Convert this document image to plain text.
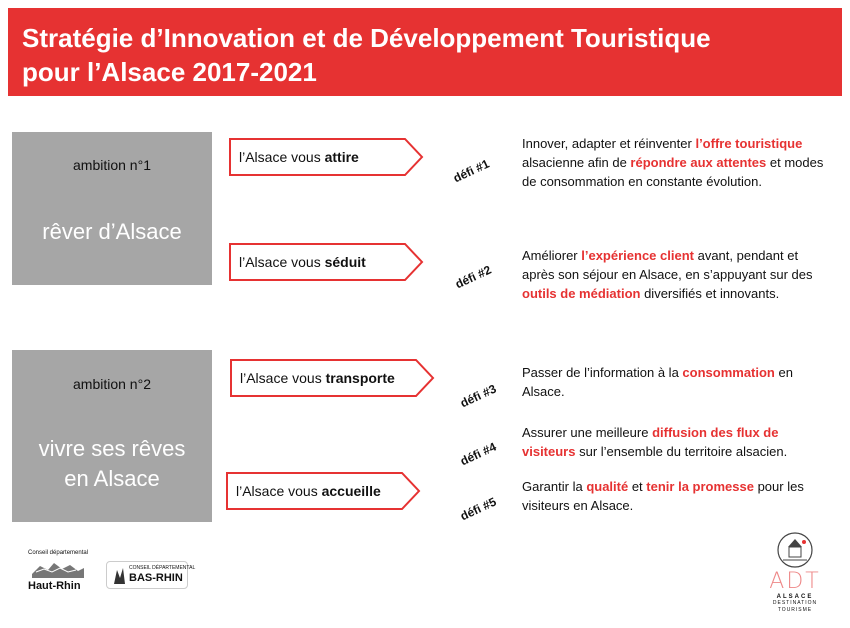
Stratégie d’Innovation et de Développement Touristique
pour l’Alsace 2017-2021
ambition n°1
rêver d’Alsace
ambition n°2
vivre ses rêves
en Alsace
l’Alsace vous attire
l’Alsace vous séduit
l’Alsace vous transporte
l’Alsace vous accueille
défi #1
défi #2
défi #3
défi #4
défi #5
Innover, adapter et réinventer l’offre touristique alsacienne afin de répondre aux attentes et modes de consommation en constante évolution.
Améliorer l’expérience client avant, pendant et après son séjour en Alsace, en s’appuyant sur des outils de médiation diversifiés et innovants.
Passer de l’information à la consommation en Alsace.
Assurer une meilleure diffusion des flux de visiteurs sur l’ensemble du territoire alsacien.
Garantir la qualité et tenir la promesse pour les visiteurs en Alsace.
Conseil départemental
Haut-Rhin
CONSEIL DÉPARTEMENTAL
BAS-RHIN	ADT
ALSACE
DESTINATION
TOURISME
